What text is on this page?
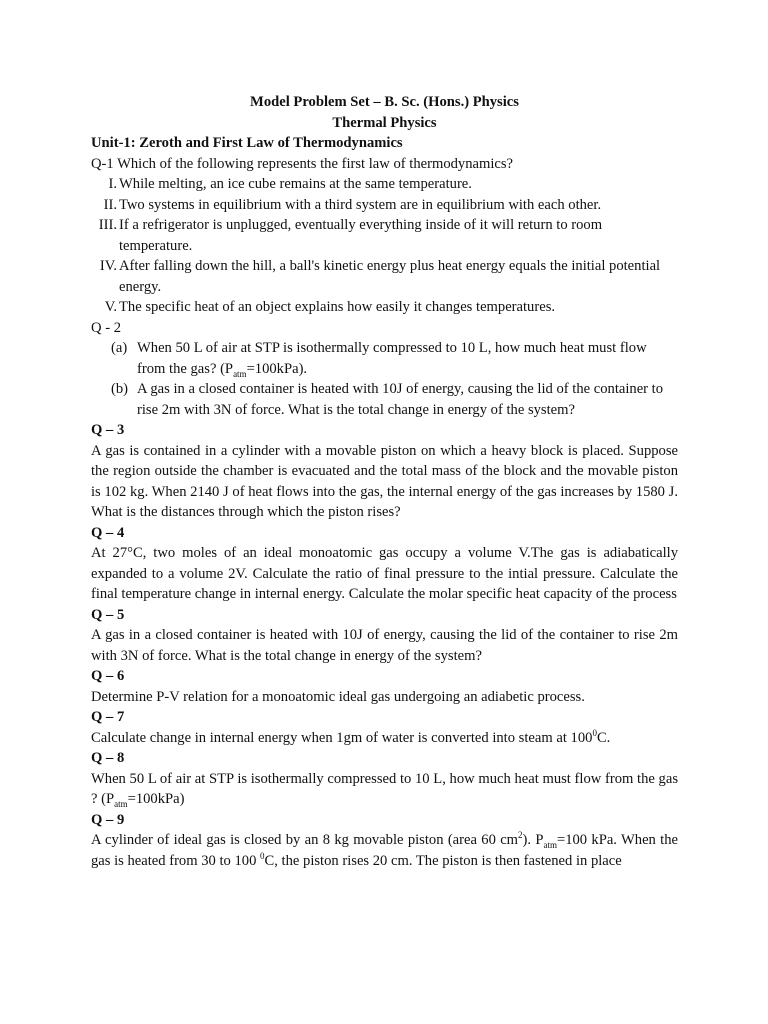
Model Problem Set – B. Sc. (Hons.) Physics
Thermal Physics
Unit-1: Zeroth and First Law of Thermodynamics
Q-1 Which of the following represents the first law of thermodynamics?
I. While melting, an ice cube remains at the same temperature.
II. Two systems in equilibrium with a third system are in equilibrium with each other.
III. If a refrigerator is unplugged, eventually everything inside of it will return to room temperature.
IV. After falling down the hill, a ball's kinetic energy plus heat energy equals the initial potential energy.
V. The specific heat of an object explains how easily it changes temperatures.
Q - 2
(a) When 50 L of air at STP is isothermally compressed to 10 L, how much heat must flow from the gas? $(P_{atm}=100kPa)$.
(b) A gas in a closed container is heated with 10J of energy, causing the lid of the container to rise 2m with 3N of force. What is the total change in energy of the system?
Q – 3
A gas is contained in a cylinder with a movable piston on which a heavy block is placed. Suppose the region outside the chamber is evacuated and the total mass of the block and the movable piston is 102 kg. When 2140 J of heat flows into the gas, the internal energy of the gas increases by 1580 J. What is the distances through which the piston rises?
Q – 4
At 27°C, two moles of an ideal monoatomic gas occupy a volume V.The gas is adiabatically expanded to a volume 2V. Calculate the ratio of final pressure to the intial pressure. Calculate the final temperature change in internal energy. Calculate the molar specific heat capacity of the process
Q – 5
A gas in a closed container is heated with 10J of energy, causing the lid of the container to rise 2m with 3N of force. What is the total change in energy of the system?
Q – 6
Determine P-V relation for a monoatomic ideal gas undergoing an adiabetic process.
Q – 7
Calculate change in internal energy when 1gm of water is converted into steam at $100^0C$.
Q – 8
When 50 L of air at STP is isothermally compressed to 10 L, how much heat must flow from the gas ? $(P_{atm}=100kPa)$
Q – 9
A cylinder of ideal gas is closed by an 8 kg movable piston (area 60 $cm^2$). $P_{atm}=100$ kPa. When the gas is heated from 30 to 100 $^0$C, the piston rises 20 cm. The piston is then fastened in place
